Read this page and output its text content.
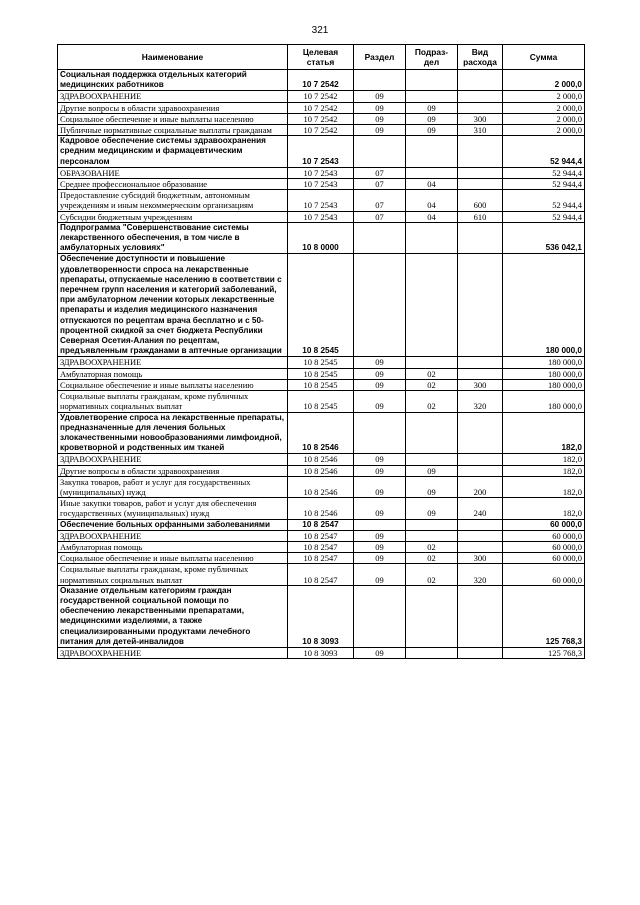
321
Наименование	Целевая статья	Раздел	Подраз-дел	Вид расхода	Сумма
Социальная поддержка отдельных категорий медицинских работников	10 7 2542				2 000,0
ЗДРАВООХРАНЕНИЕ	10 7 2542	09			2 000,0
Другие вопросы в области здравоохранения	10 7 2542	09	09		2 000,0
Социальное обеспечение и иные выплаты населению	10 7 2542	09	09	300	2 000,0
Публичные нормативные социальные выплаты гражданам	10 7 2542	09	09	310	2 000,0
Кадровое обеспечение системы здравоохранения средним медицинским и фармацевтическим персоналом	10 7 2543				52 944,4
ОБРАЗОВАНИЕ	10 7 2543	07			52 944,4
Среднее профессиональное образование	10 7 2543	07	04		52 944,4
Предоставление субсидий бюджетным, автономным учреждениям и иным некоммерческим организациям	10 7 2543	07	04	600	52 944,4
Субсидии бюджетным учреждениям	10 7 2543	07	04	610	52 944,4
Подпрограмма "Совершенствование системы лекарственного обеспечения, в том числе в амбулаторных условиях"	10 8 0000				536 042,1
Обеспечение доступности и повышение удовлетворенности спроса на лекарственные препараты, отпускаемые населению в соответствии с перечнем групп населения и категорий заболеваний, при амбулаторном лечении которых лекарственные препараты и изделия медицинского назначения отпускаются по рецептам врача бесплатно и с 50-процентной скидкой за счет бюджета Республики Северная Осетия-Алания по рецептам, предъявленным гражданами в аптечные организации	10 8 2545				180 000,0
ЗДРАВООХРАНЕНИЕ	10 8 2545	09			180 000,0
Амбулаторная помощь	10 8 2545	09	02		180 000,0
Социальное обеспечение и иные выплаты населению	10 8 2545	09	02	300	180 000,0
Социальные выплаты гражданам, кроме публичных нормативных социальных выплат	10 8 2545	09	02	320	180 000,0
Удовлетворение спроса на лекарственные препараты, предназначенные для лечения больных злокачественными новообразованиями лимфоидной, кроветворной и родственных им тканей	10 8 2546				182,0
ЗДРАВООХРАНЕНИЕ	10 8 2546	09			182,0
Другие вопросы в области здравоохранения	10 8 2546	09	09		182,0
Закупка товаров, работ и услуг для государственных (муниципальных) нужд	10 8 2546	09	09	200	182,0
Иные закупки товаров, работ и услуг для обеспечения государственных (муниципальных) нужд	10 8 2546	09	09	240	182,0
Обеспечение больных орфанными заболеваниями	10 8 2547				60 000,0
ЗДРАВООХРАНЕНИЕ	10 8 2547	09			60 000,0
Амбулаторная помощь	10 8 2547	09	02		60 000,0
Социальное обеспечение и иные выплаты населению	10 8 2547	09	02	300	60 000,0
Социальные выплаты гражданам, кроме публичных нормативных социальных выплат	10 8 2547	09	02	320	60 000,0
Оказание отдельным категориям граждан государственной социальной помощи по обеспечению лекарственными препаратами, медицинскими изделиями, а также специализированными продуктами лечебного питания для детей-инвалидов	10 8 3093				125 768,3
ЗДРАВООХРАНЕНИЕ	10 8 3093	09			125 768,3
